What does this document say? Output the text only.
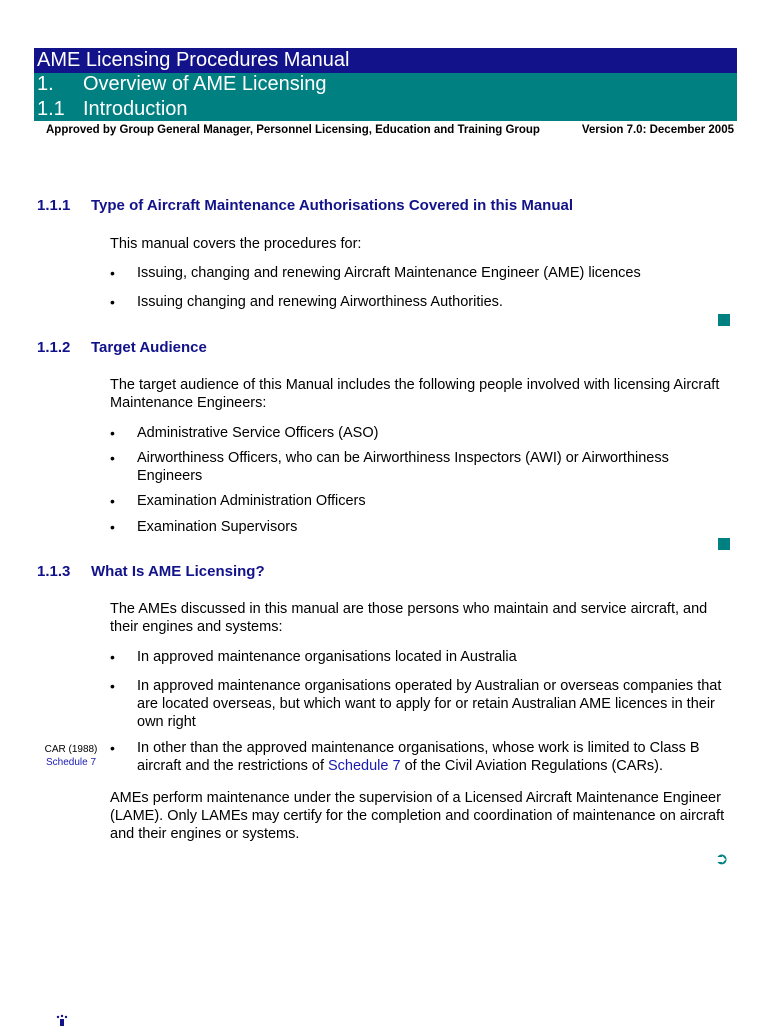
AME Licensing Procedures Manual
1. Overview of AME Licensing
1.1 Introduction
Approved by Group General Manager, Personnel Licensing, Education and Training Group	Version 7.0: December 2005
1.1.1 Type of Aircraft Maintenance Authorisations Covered in this Manual
This manual covers the procedures for:
• Issuing, changing and renewing Aircraft Maintenance Engineer (AME) licences
• Issuing changing and renewing Airworthiness Authorities.
1.1.2 Target Audience
The target audience of this Manual includes the following people involved with licensing Aircraft Maintenance Engineers:
• Administrative Service Officers (ASO)
• Airworthiness Officers, who can be Airworthiness Inspectors (AWI) or Airworthiness Engineers
• Examination Administration Officers
• Examination Supervisors
1.1.3 What Is AME Licensing?
The AMEs discussed in this manual are those persons who maintain and service aircraft, and their engines and systems:
• In approved maintenance organisations located in Australia
• In approved maintenance organisations operated by Australian or overseas companies that are located overseas, but which want to apply for or retain Australian AME licences in their own right
CAR (1988)
Schedule 7
• In other than the approved maintenance organisations, whose work is limited to Class B aircraft and the restrictions of Schedule 7 of the Civil Aviation Regulations (CARs).
AMEs perform maintenance under the supervision of a Licensed Aircraft Maintenance Engineer (LAME). Only LAMEs may certify for the completion and coordination of maintenance on aircraft and their engines or systems.
➲
